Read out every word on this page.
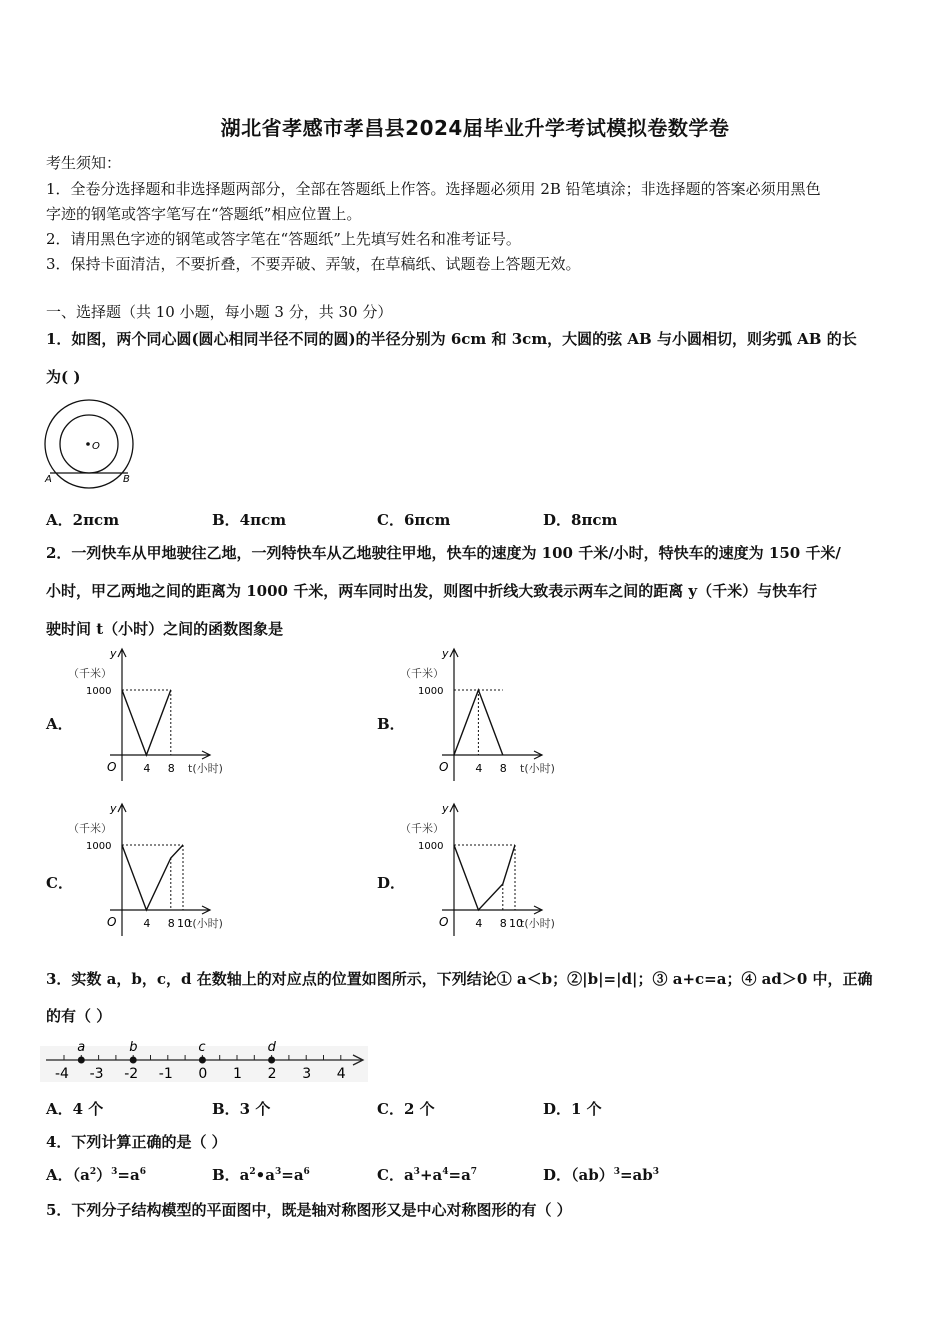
湖北省孝感市孝昌县2024届毕业升学考试模拟卷数学卷
考生须知：
1．全卷分选择题和非选择题两部分，全部在答题纸上作答。选择题必须用 2B 铅笔填涂；非选择题的答案必须用黑色
字迹的钢笔或答字笔写在“答题纸”相应位置上。
2．请用黑色字迹的钢笔或答字笔在“答题纸”上先填写姓名和准考证号。
3．保持卡面清洁，不要折叠，不要弄破、弄皱，在草稿纸、试题卷上答题无效。
一、选择题（共 10 小题，每小题 3 分，共 30 分）
1．如图，两个同心圆(圆心相同半径不同的圆)的半径分别为 6cm 和 3cm，大圆的弦 AB 与小圆相切，则劣弧 AB 的长
为( )
O
A	B
A．2πcm	B．4πcm	C．6πcm	D．8πcm
2．一列快车从甲地驶往乙地，一列特快车从乙地驶往甲地，快车的速度为 100 千米/小时，特快车的速度为 150 千米/
小时，甲乙两地之间的距离为 1000 千米，两车同时出发，则图中折线大致表示两车之间的距离 y（千米）与快车行
驶时间 t（小时）之间的函数图象是
A．	B．
C．	D．
y
（千米）
1000
O	t(小时)
4 8
y
（千米）
1000
O	t(小时)
4 8
y
（千米）
1000
O	t(小时)
4 8 10
y
（千米）
1000
O	t(小时)
4 8 10
3．实数 a，b，c，d 在数轴上的对应点的位置如图所示，下列结论① a＜b；②|b|=|d|；③ a+c=a；④ ad＞0 中，正确
的有（ ）
-4 -3 -2 -1 0 1 2 3 4
a	b	c	d
A．4 个	B．3 个	C．2 个	D．1 个
4．下列计算正确的是（ ）
A．$(a^2)^3=a^6$	B．$a^2•a^3=a^6$	C．$a^3+a^4=a^7$	D．$(ab)^3=ab^3$
5．下列分子结构模型的平面图中，既是轴对称图形又是中心对称图形的有（ ）
